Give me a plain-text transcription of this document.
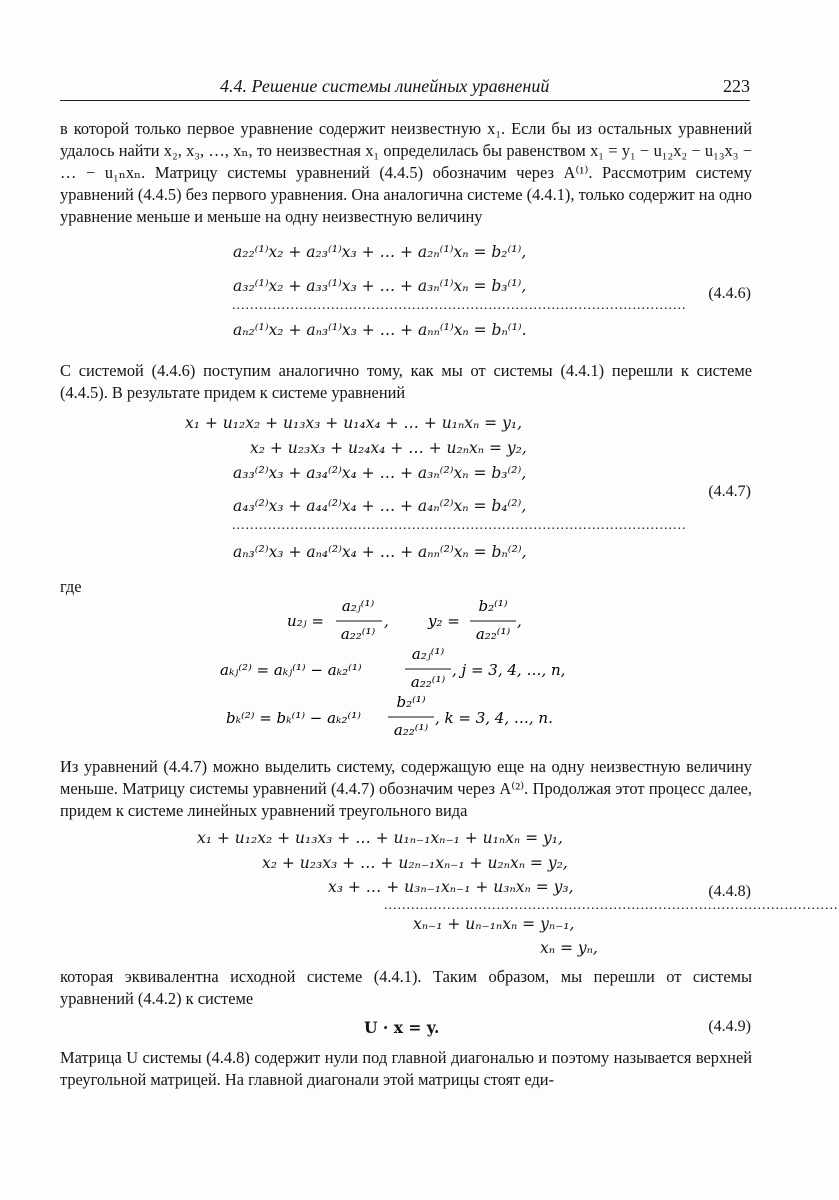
4.4. Решение системы линейных уравнений	223

в которой только первое уравнение содержит неизвестную x₁. Если бы из остальных уравнений удалось найти x₂, x₃, …, xₙ, то неизвестная x₁ определилась бы равенством x₁ = y₁ − u₁₂x₂ − u₁₃x₃ − … − u₁ₙxₙ. Матрицу системы уравнений (4.4.5) обозначим через A⁽¹⁾. Рассмотрим систему уравнений (4.4.5) без первого уравнения. Она аналогична системе (4.4.1), только содержит на одно уравнение меньше и меньше на одну неизвестную величину

a₂₂⁽¹⁾x₂ + a₂₃⁽¹⁾x₃ + … + a₂ₙ⁽¹⁾xₙ = b₂⁽¹⁾,
a₃₂⁽¹⁾x₂ + a₃₃⁽¹⁾x₃ + … + a₃ₙ⁽¹⁾xₙ = b₃⁽¹⁾,
.....................................................................................................
aₙ₂⁽¹⁾x₂ + aₙ₃⁽¹⁾x₃ + … + aₙₙ⁽¹⁾xₙ = bₙ⁽¹⁾.
(4.4.6)

С системой (4.4.6) поступим аналогично тому, как мы от системы (4.4.1) перешли к системе (4.4.5). В результате придем к системе уравнений

x₁ + u₁₂x₂ + u₁₃x₃ + u₁₄x₄ + … + u₁ₙxₙ = y₁,
x₂ + u₂₃x₃ + u₂₄x₄ + … + u₂ₙxₙ = y₂,
a₃₃⁽²⁾x₃ + a₃₄⁽²⁾x₄ + … + a₃ₙ⁽²⁾xₙ = b₃⁽²⁾,
a₄₃⁽²⁾x₃ + a₄₄⁽²⁾x₄ + … + a₄ₙ⁽²⁾xₙ = b₄⁽²⁾,
.....................................................................................................
aₙ₃⁽²⁾x₃ + aₙ₄⁽²⁾x₄ + … + aₙₙ⁽²⁾xₙ = bₙ⁽²⁾,
(4.4.7)
где
u₂ⱼ =
a₂ⱼ⁽¹⁾
a₂₂⁽¹⁾
,	y₂ =
b₂⁽¹⁾
a₂₂⁽¹⁾
,
aₖⱼ⁽²⁾ = aₖⱼ⁽¹⁾ − aₖ₂⁽¹⁾
a₂ⱼ⁽¹⁾
a₂₂⁽¹⁾
, j = 3, 4, …, n,
bₖ⁽²⁾ = bₖ⁽¹⁾ − aₖ₂⁽¹⁾
b₂⁽¹⁾
a₂₂⁽¹⁾
, k = 3, 4, …, n.

Из уравнений (4.4.7) можно выделить систему, содержащую еще на одну неизвестную величину меньше. Матрицу системы уравнений (4.4.7) обозначим через A⁽²⁾. Продолжая этот процесс далее, придем к системе линейных уравнений треугольного вида

x₁ + u₁₂x₂ + u₁₃x₃ + … + u₁ₙ₋₁xₙ₋₁ + u₁ₙxₙ = y₁,
x₂ + u₂₃x₃ + … + u₂ₙ₋₁xₙ₋₁ + u₂ₙxₙ = y₂,
x₃ + … + u₃ₙ₋₁xₙ₋₁ + u₃ₙxₙ = y₃,
.....................................................................................................
xₙ₋₁ + uₙ₋₁ₙxₙ = yₙ₋₁,
xₙ = yₙ,
(4.4.8)

которая эквивалентна исходной системе (4.4.1). Таким образом, мы перешли от системы уравнений (4.4.2) к системе

U · x = y.	(4.4.9)

Матрица U системы (4.4.8) содержит нули под главной диагональю и поэтому называется верхней треугольной матрицей. На главной диагонали этой матрицы стоят еди-
